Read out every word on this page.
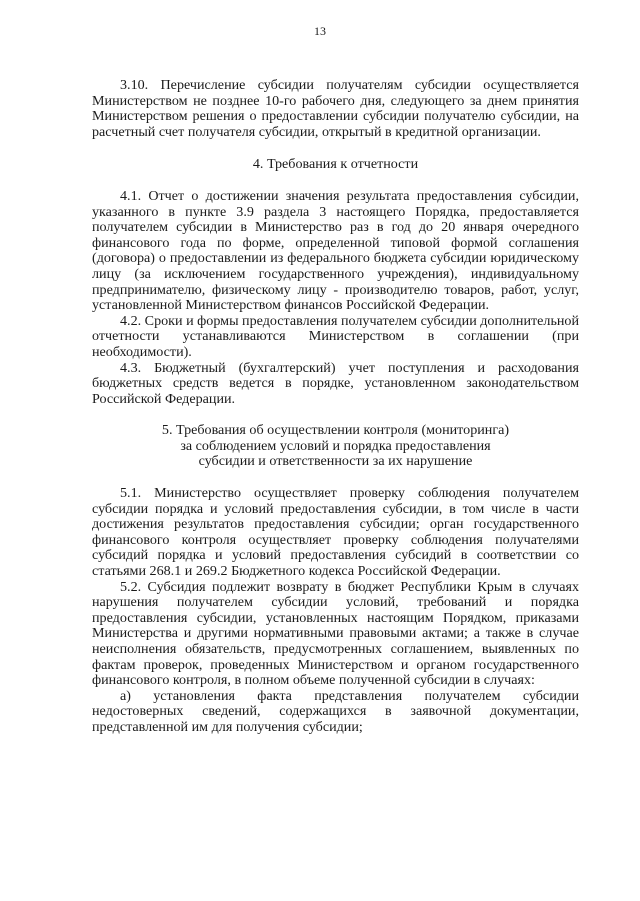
13

3.10. Перечисление субсидии получателям субсидии осуществляется Министерством не позднее 10-го рабочего дня, следующего за днем принятия Министерством решения о предоставлении субсидии получателю субсидии, на расчетный счет получателя субсидии, открытый в кредитной организации.

4. Требования к отчетности

4.1. Отчет о достижении значения результата предоставления субсидии, указанного в пункте 3.9 раздела 3 настоящего Порядка, предоставляется получателем субсидии в Министерство раз в год до 20 января очередного финансового года по форме, определенной типовой формой соглашения (договора) о предоставлении из федерального бюджета субсидии юридическому лицу (за исключением государственного учреждения), индивидуальному предпринимателю, физическому лицу - производителю товаров, работ, услуг, установленной Министерством финансов Российской Федерации.

4.2. Сроки и формы предоставления получателем субсидии дополнительной отчетности устанавливаются Министерством в соглашении (при необходимости).

4.3. Бюджетный (бухгалтерский) учет поступления и расходования бюджетных средств ведется в порядке, установленном законодательством Российской Федерации.

5. Требования об осуществлении контроля (мониторинга)

за соблюдением условий и порядка предоставления

субсидии и ответственности за их нарушение

5.1. Министерство осуществляет проверку соблюдения получателем субсидии порядка и условий предоставления субсидии, в том числе в части достижения результатов предоставления субсидии; орган государственного финансового контроля осуществляет проверку соблюдения получателями субсидий порядка и условий предоставления субсидий в соответствии со статьями 268.1 и 269.2 Бюджетного кодекса Российской Федерации.

5.2. Субсидия подлежит возврату в бюджет Республики Крым в случаях нарушения получателем субсидии условий, требований и порядка предоставления субсидии, установленных настоящим Порядком, приказами Министерства и другими нормативными правовыми актами; а также в случае неисполнения обязательств, предусмотренных соглашением, выявленных по фактам проверок, проведенных Министерством и органом государственного финансового контроля, в полном объеме полученной субсидии в случаях:

а) установления факта представления получателем субсидии недостоверных сведений, содержащихся в заявочной документации, представленной им для получения субсидии;
